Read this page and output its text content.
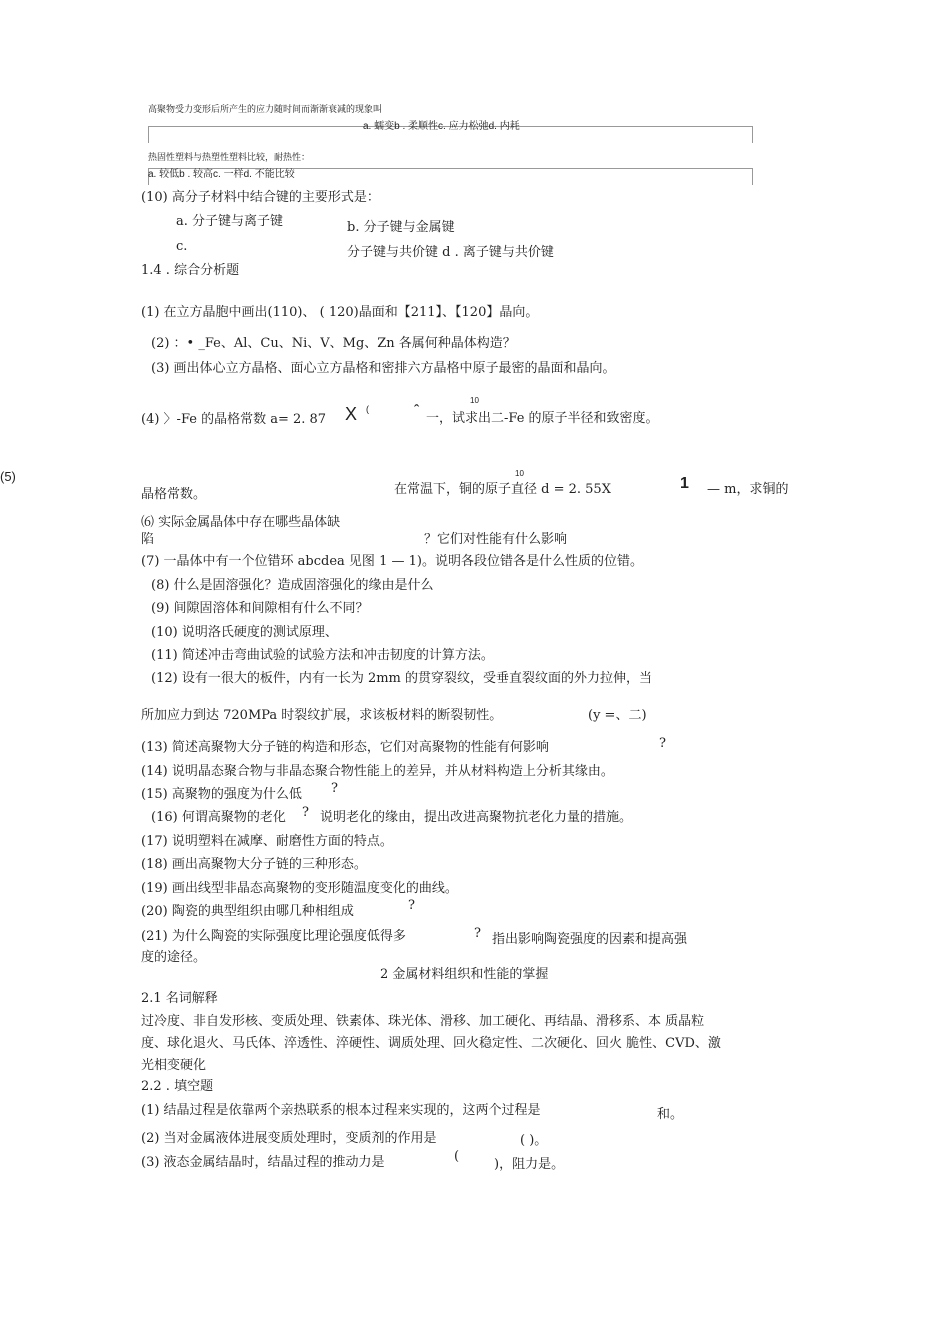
高聚物受力变形后所产生的应力随时间而渐渐衰减的现象叫
a. 蠕变b . 柔顺性c. 应力松弛d. 内耗
热固性塑料与热塑性塑料比较，耐热性：
a. 较低b . 较高c. 一样d. 不能比较
(10) 高分子材料中结合键的主要形式是：
a. 分子键与离子键	b. 分子键与金属键
c.	分子键与共价键 d . 离子键与共价键
1.4 . 综合分析题
(1) 在立方晶胞中画出(110)、 ( 120)晶面和【211】、【120】晶向。
(2) ：• _Fe、Al、Cu、Ni、V、Mg、Zn 各属何种晶体构造？
(3) 画出体心立方晶格、面心立方晶格和密排六方晶格中原子最密的晶面和晶向。
10
(4) 〉-Fe 的晶格常数 a= 2. 87 X (	ˆ 一，试求出二-Fe 的原子半径和致密度。
(5)	10
晶格常数。	在常温下，铜的原子直径 d = 2. 55X	1 — m，求铜的
⑹ 实际金属晶体中存在哪些晶体缺
陷	？它们对性能有什么影响
(7) 一晶体中有一个位错环 abcdea 见图 1 — 1)。说明各段位错各是什么性质的位错。
(8) 什么是固溶强化？造成固溶强化的缘由是什么
(9) 间隙固溶体和间隙相有什么不同？
(10) 说明洛氏硬度的测试原理、
(11) 简述冲击弯曲试验的试验方法和冲击韧度的计算方法。
(12) 设有一很大的板件，内有一长为 2mm 的贯穿裂纹，受垂直裂纹面的外力拉伸，当
所加应力到达 720MPa 时裂纹扩展，求该板材料的断裂韧性。	(y =、二)
(13) 简述高聚物大分子链的构造和形态，它们对高聚物的性能有何影响	?
(14) 说明晶态聚合物与非晶态聚合物性能上的差异，并从材料构造上分析其缘由。
(15) 高聚物的强度为什么低 ?
(16) 何谓高聚物的老化 ? 说明老化的缘由，提出改进高聚物抗老化力量的措施。
(17) 说明塑料在减摩、耐磨性方面的特点。
(18) 画出高聚物大分子链的三种形态。
(19) 画出线型非晶态高聚物的变形随温度变化的曲线。
(20) 陶瓷的典型组织由哪几种相组成	?
(21) 为什么陶瓷的实际强度比理论强度低得多	? 指出影响陶瓷强度的因素和提高强
度的途径。
2 金属材料组织和性能的掌握
2.1 名词解释
过冷度、非自发形核、变质处理、铁素体、珠光体、滑移、加工硬化、再结晶、滑移系、本 质晶粒
度、球化退火、马氏体、淬透性、淬硬性、调质处理、回火稳定性、二次硬化、回火 脆性、CVD、激
光相变硬化
2.2 . 填空题
(1) 结晶过程是依靠两个亲热联系的根本过程来实现的，这两个过程是	和。
(2) 当对金属液体进展变质处理时，变质剂的作用是	( )。
(3) 液态金属结晶时，结晶过程的推动力是	(
)，阻力是。
